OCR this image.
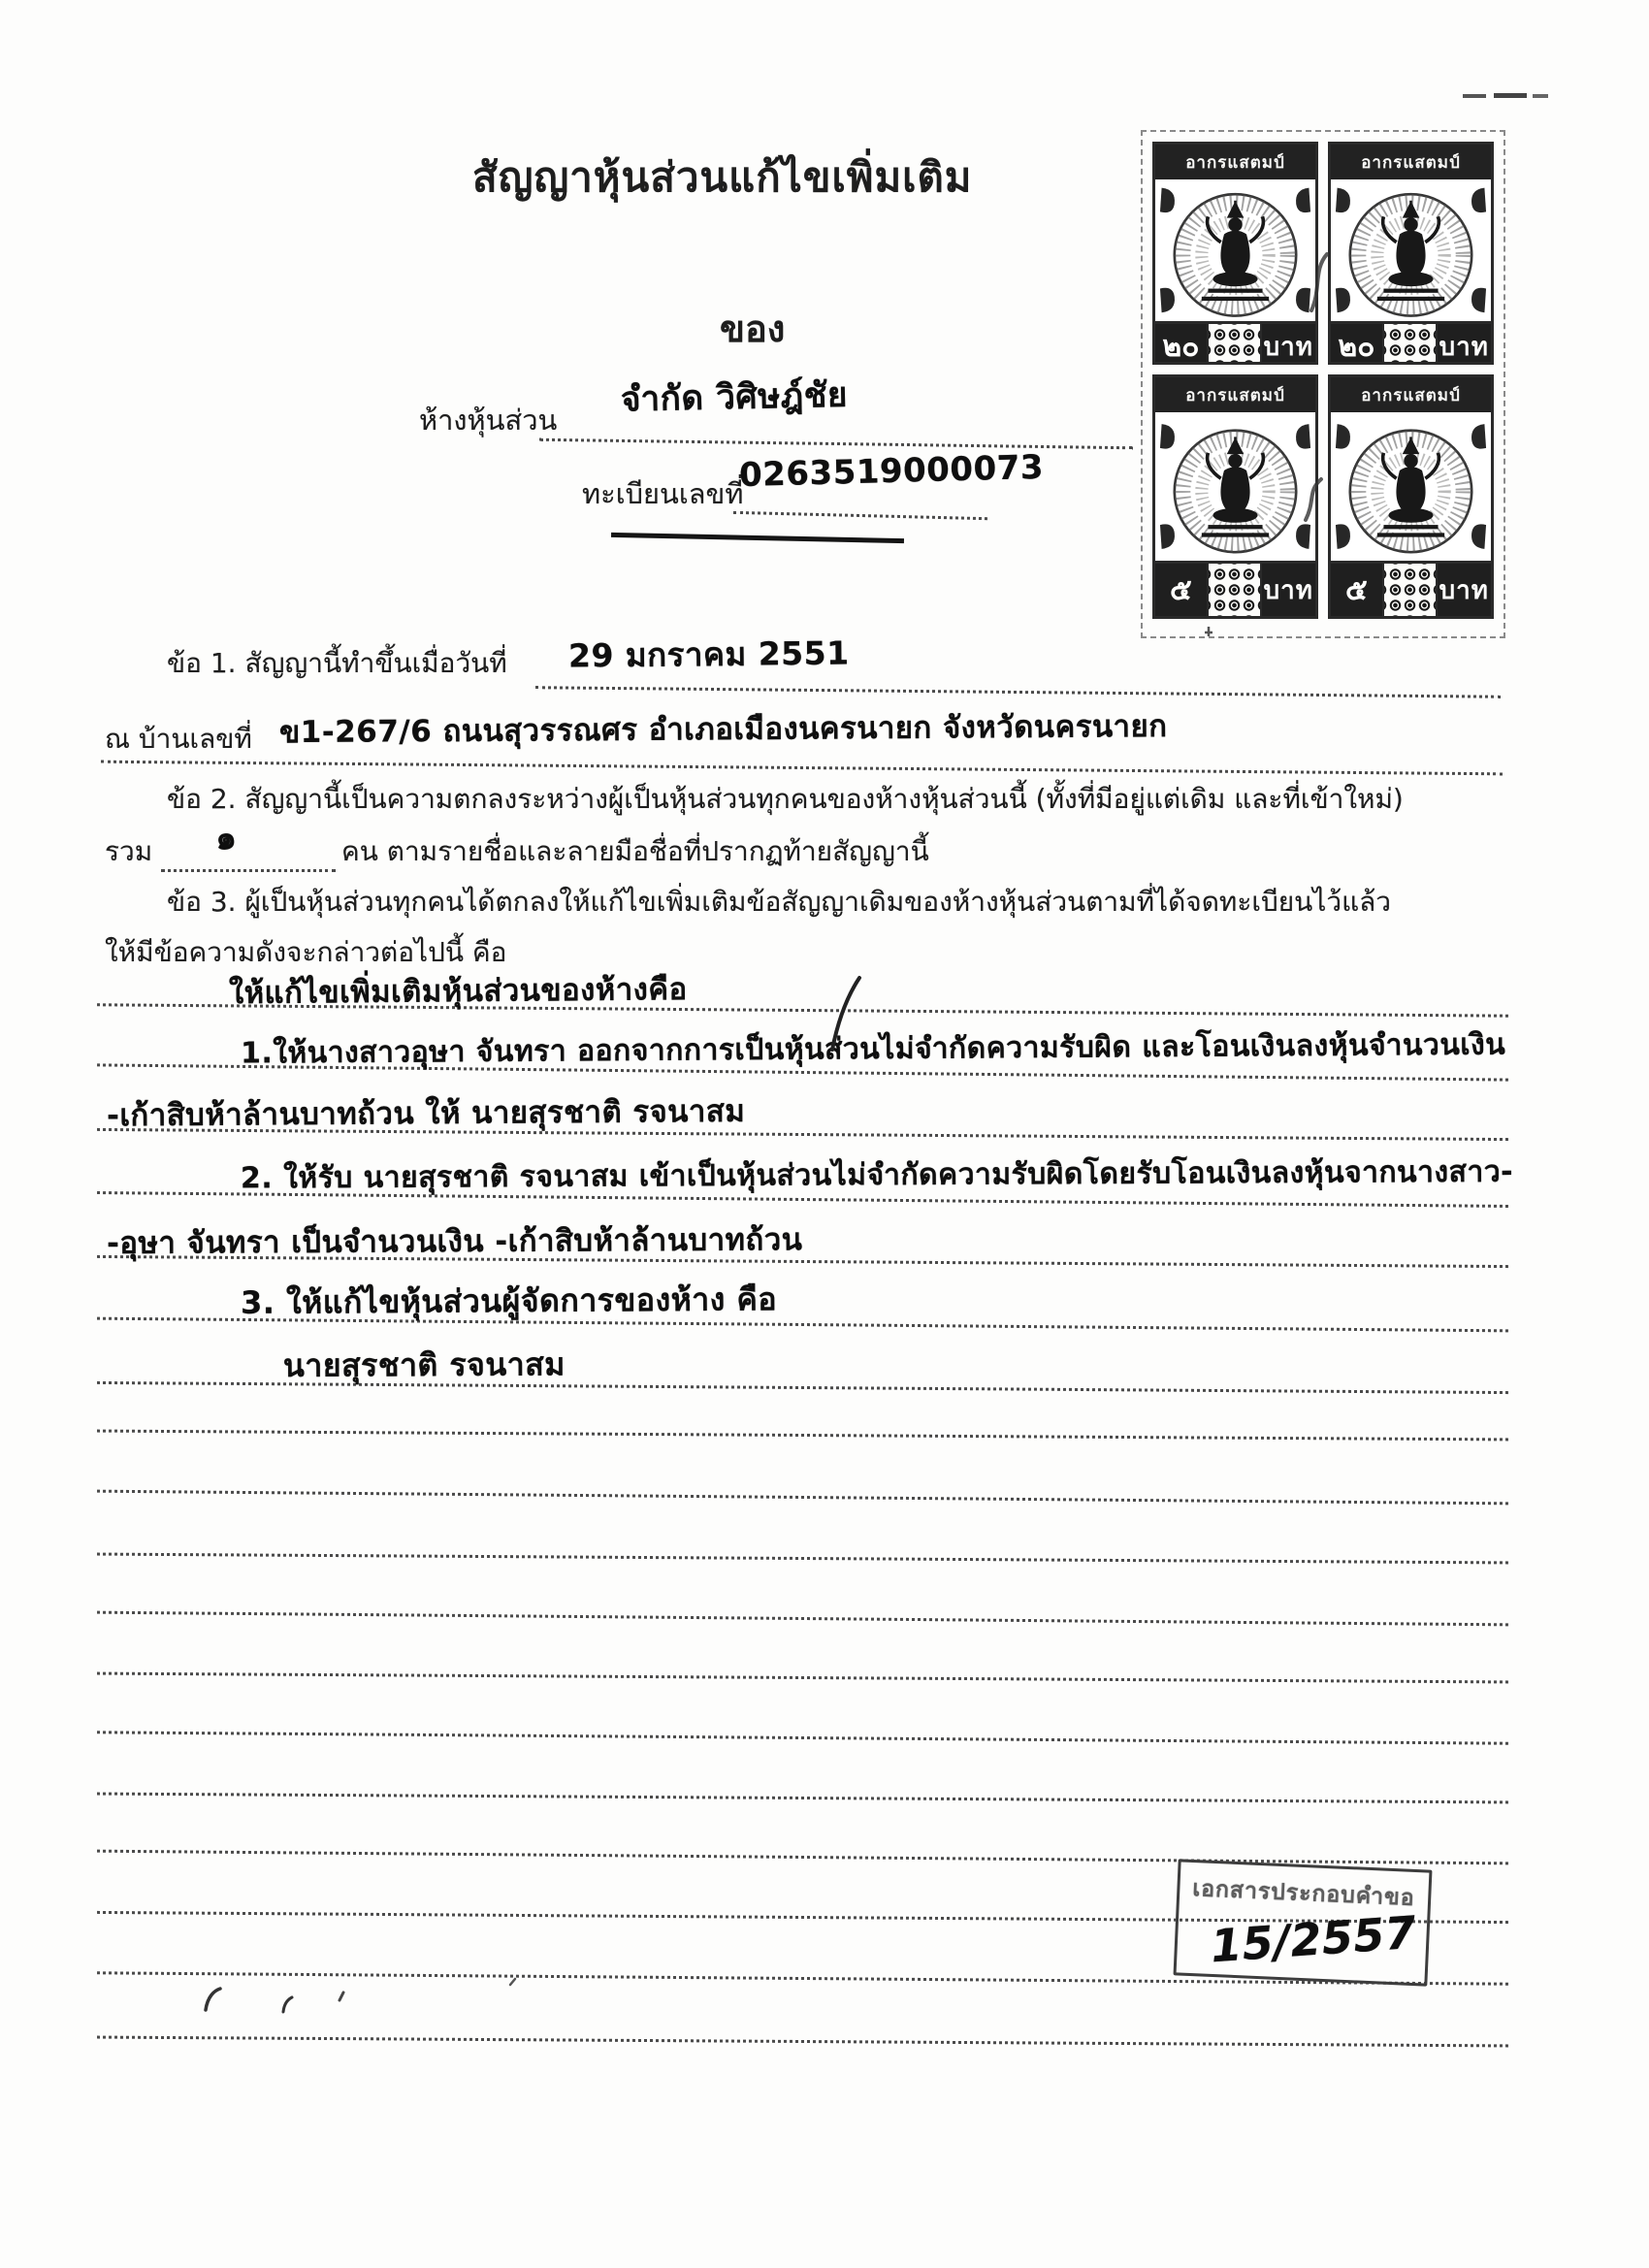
สัญญาหุ้นส่วนแก้ไขเพิ่มเติม
ของ
ห้างหุ้นส่วน
จำกัด วิศิษฎ์ชัย
ทะเบียนเลขที่
0263519000073
อากรแสตมป์
๒๐	บาท
อากรแสตมป์
๒๐	บาท
อากรแสตมป์
๕	บาท
อากรแสตมป์
๕	บาท
ข้อ 1. สัญญานี้ทำขึ้นเมื่อวันที่ 29 มกราคม 2551
ณ บ้านเลขที่ ข1-267/6 ถนนสุวรรณศร อำเภอเมืองนครนายก จังหวัดนครนายก
ข้อ 2. สัญญานี้เป็นความตกลงระหว่างผู้เป็นหุ้นส่วนทุกคนของห้างหุ้นส่วนนี้ (ทั้งที่มีอยู่แต่เดิม และที่เข้าใหม่)
รวม ๑	คน ตามรายชื่อและลายมือชื่อที่ปรากฏท้ายสัญญานี้
ข้อ 3. ผู้เป็นหุ้นส่วนทุกคนได้ตกลงให้แก้ไขเพิ่มเติมข้อสัญญาเดิมของห้างหุ้นส่วนตามที่ได้จดทะเบียนไว้แล้ว
ให้มีข้อความดังจะกล่าวต่อไปนี้ คือ
ให้แก้ไขเพิ่มเติมหุ้นส่วนของห้างคือ
1.ให้นางสาวอุษา จันทรา ออกจากการเป็นหุ้นส่วนไม่จำกัดความรับผิด และโอนเงินลงหุ้นจำนวนเงิน
-เก้าสิบห้าล้านบาทถ้วน ให้ นายสุรชาติ รจนาสม
2. ให้รับ นายสุรชาติ รจนาสม เข้าเป็นหุ้นส่วนไม่จำกัดความรับผิดโดยรับโอนเงินลงหุ้นจากนางสาว-
-อุษา จันทรา เป็นจำนวนเงิน -เก้าสิบห้าล้านบาทถ้วน
3. ให้แก้ไขหุ้นส่วนผู้จัดการของห้าง คือ
นายสุรชาติ รจนาสม
เอกสารประกอบคำขอ
15/2557
